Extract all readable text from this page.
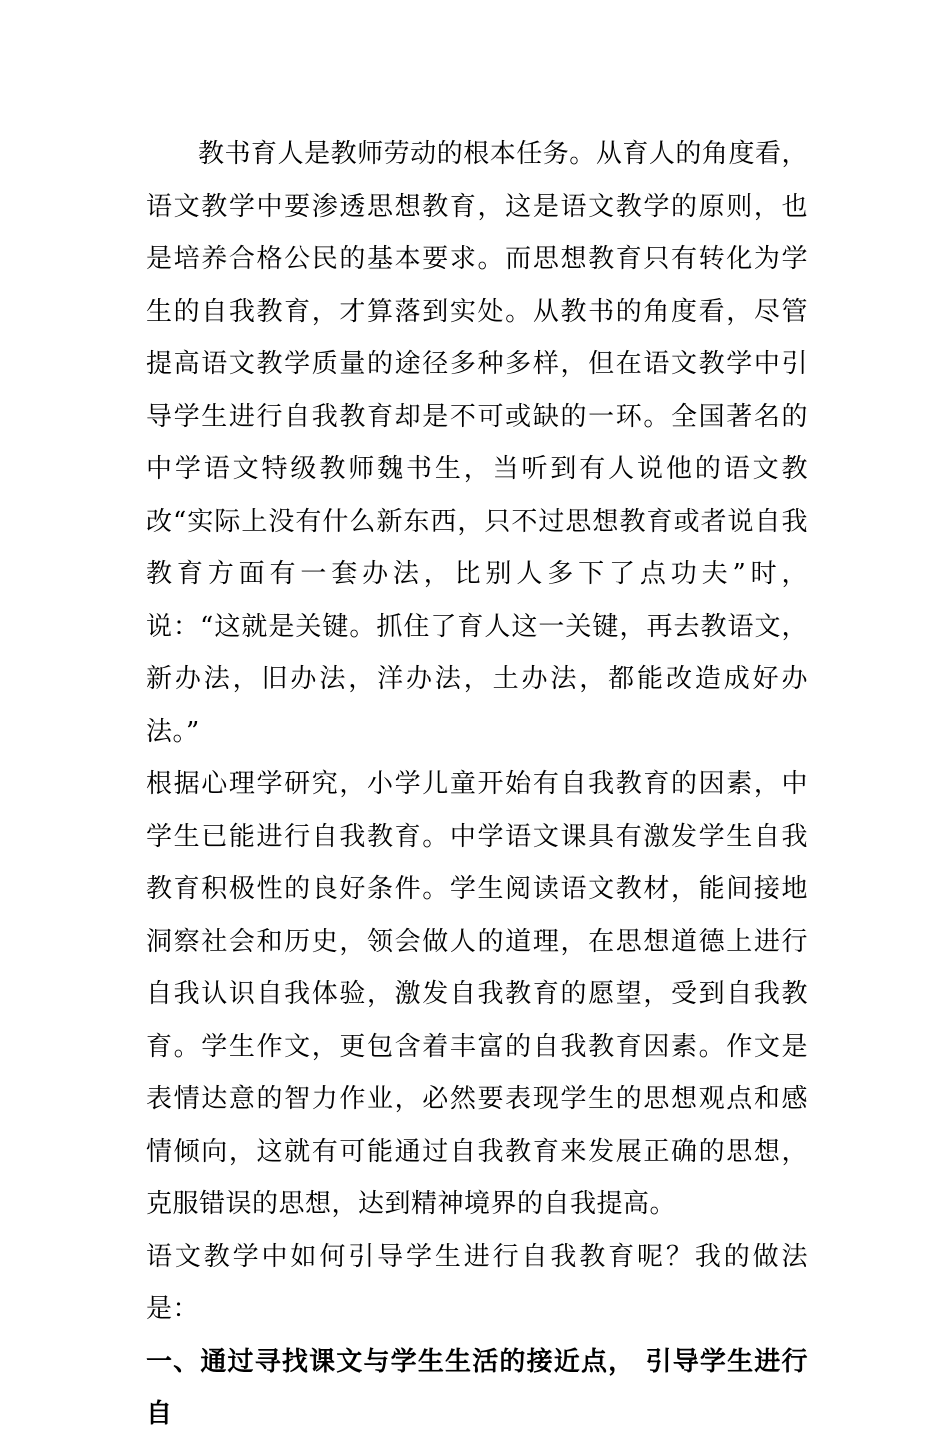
教书育人是教师劳动的根本任务。从育人的角度看，语文教学中要渗透思想教育，这是语文教学的原则，也是培养合格公民的基本要求。而思想教育只有转化为学生的自我教育，才算落到实处。从教书的角度看，尽管提高语文教学质量的途径多种多样，但在语文教学中引导学生进行自我教育却是不可或缺的一环。全国著名的中学语文特级教师魏书生，当听到有人说他的语文教改“实际上没有什么新东西，只不过思想教育或者说自我教育方面有一套办法，比别人多下了点功夫”时，说：“这就是关键。抓住了育人这一关键，再去教语文，新办法，旧办法，洋办法，土办法，都能改造成好办法。”

根据心理学研究，小学儿童开始有自我教育的因素，中学生已能进行自我教育。中学语文课具有激发学生自我教育积极性的良好条件。学生阅读语文教材，能间接地洞察社会和历史，领会做人的道理，在思想道德上进行自我认识自我体验，激发自我教育的愿望，受到自我教育。学生作文，更包含着丰富的自我教育因素。作文是表情达意的智力作业，必然要表现学生的思想观点和感情倾向，这就有可能通过自我教育来发展正确的思想，克服错误的思想，达到精神境界的自我提高。

语文教学中如何引导学生进行自我教育呢？我的做法是：

一、通过寻找课文与学生生活的接近点， 引导学生进行自
